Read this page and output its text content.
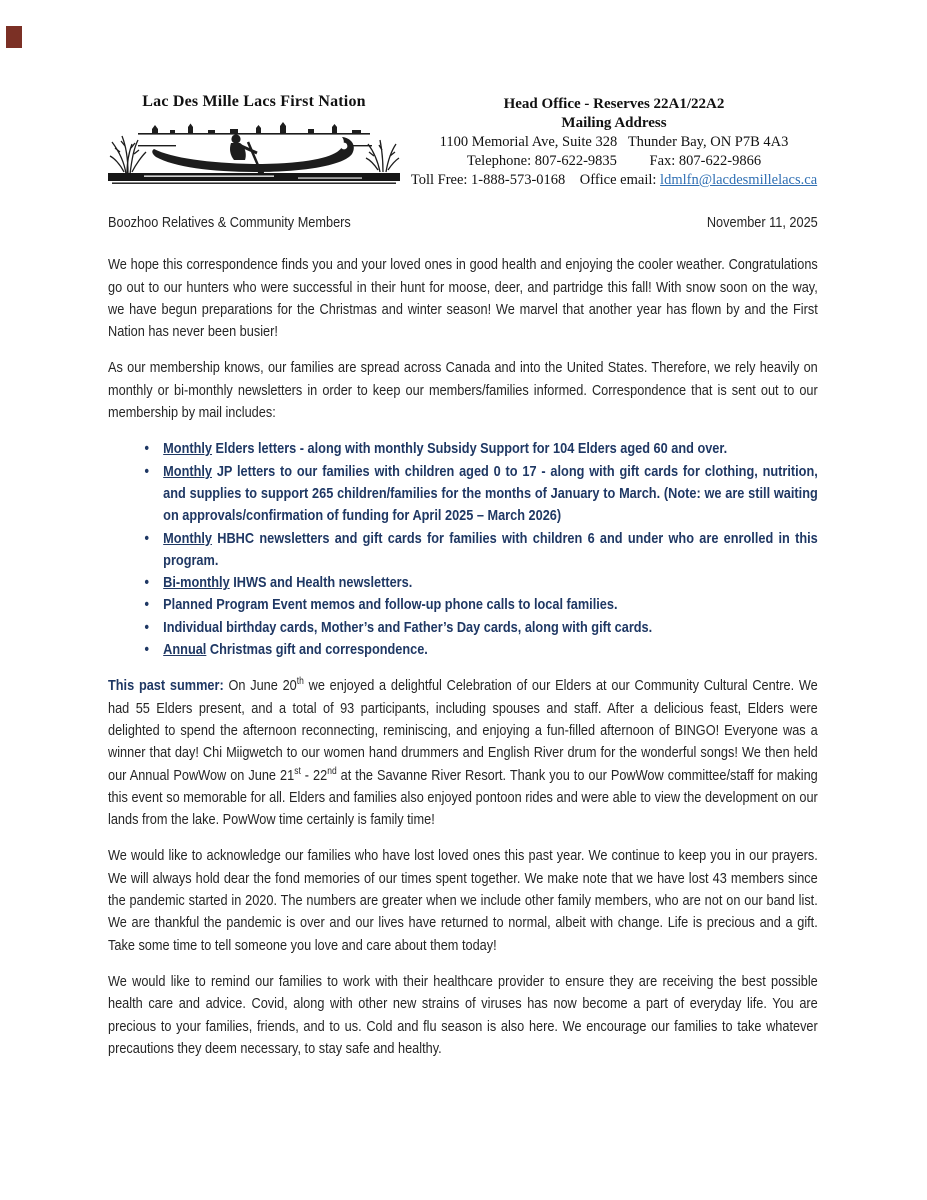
Lac Des Mille Lacs First Nation	Head Office - Reserves 22A1/22A2
Mailing Address
1100 Memorial Ave, Suite 328   Thunder Bay, ON P7B 4A3
Telephone: 807-622-9835         Fax: 807-622-9866
Toll Free: 1-888-573-0168    Office email: ldmlfn@lacdesmillelacs.ca
Boozhoo Relatives & Community Members	November 11, 2025

We hope this correspondence finds you and your loved ones in good health and enjoying the cooler weather. Congratulations go out to our hunters who were successful in their hunt for moose, deer, and partridge this fall! With snow soon on the way, we have begun preparations for the Christmas and winter season! We marvel that another year has flown by and the First Nation has never been busier!

As our membership knows, our families are spread across Canada and into the United States. Therefore, we rely heavily on monthly or bi-monthly newsletters in order to keep our members/families informed. Correspondence that is sent out to our membership by mail includes:

• Monthly Elders letters - along with monthly Subsidy Support for 104 Elders aged 60 and over.
• Monthly JP letters to our families with children aged 0 to 17 - along with gift cards for clothing, nutrition, and supplies to support 265 children/families for the months of January to March. (Note: we are still waiting on approvals/confirmation of funding for April 2025 – March 2026)
• Monthly HBHC newsletters and gift cards for families with children 6 and under who are enrolled in this program.
• Bi-monthly IHWS and Health newsletters.
• Planned Program Event memos and follow-up phone calls to local families.
• Individual birthday cards, Mother’s and Father’s Day cards, along with gift cards.
• Annual Christmas gift and correspondence.

This past summer: On June 20th we enjoyed a delightful Celebration of our Elders at our Community Cultural Centre. We had 55 Elders present, and a total of 93 participants, including spouses and staff. After a delicious feast, Elders were delighted to spend the afternoon reconnecting, reminiscing, and enjoying a fun-filled afternoon of BINGO! Everyone was a winner that day! Chi Miigwetch to our women hand drummers and English River drum for the wonderful songs! We then held our Annual PowWow on June 21st - 22nd at the Savanne River Resort. Thank you to our PowWow committee/staff for making this event so memorable for all. Elders and families also enjoyed pontoon rides and were able to view the development on our lands from the lake. PowWow time certainly is family time!

We would like to acknowledge our families who have lost loved ones this past year. We continue to keep you in our prayers. We will always hold dear the fond memories of our times spent together. We make note that we have lost 43 members since the pandemic started in 2020. The numbers are greater when we include other family members, who are not on our band list. We are thankful the pandemic is over and our lives have returned to normal, albeit with change. Life is precious and a gift. Take some time to tell someone you love and care about them today!

We would like to remind our families to work with their healthcare provider to ensure they are receiving the best possible health care and advice. Covid, along with other new strains of viruses has now become a part of everyday life. You are precious to your families, friends, and to us. Cold and flu season is also here. We encourage our families to take whatever precautions they deem necessary, to stay safe and healthy.
